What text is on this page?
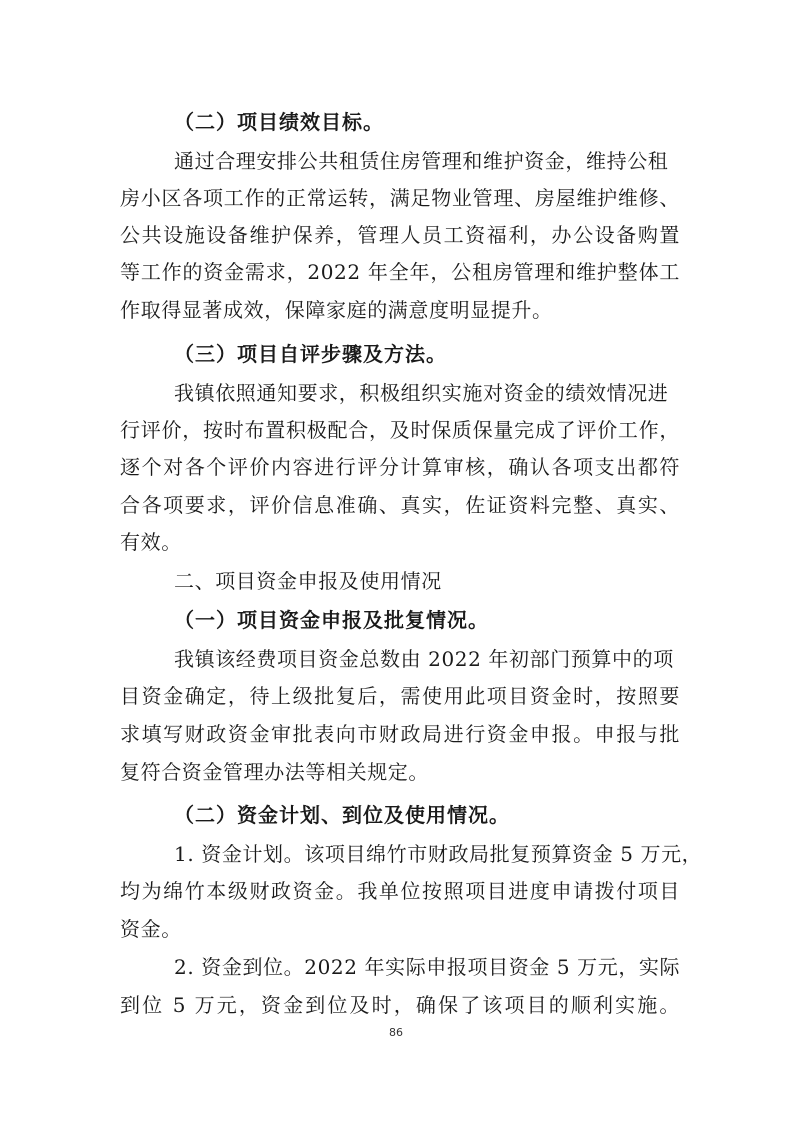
（二）项目绩效目标。
通过合理安排公共租赁住房管理和维护资金，维持公租
房小区各项工作的正常运转，满足物业管理、房屋维护维修、
公共设施设备维护保养，管理人员工资福利，办公设备购置
等工作的资金需求，2022 年全年，公租房管理和维护整体工
作取得显著成效，保障家庭的满意度明显提升。
（三）项目自评步骤及方法。
我镇依照通知要求，积极组织实施对资金的绩效情况进
行评价，按时布置积极配合，及时保质保量完成了评价工作，
逐个对各个评价内容进行评分计算审核，确认各项支出都符
合各项要求，评价信息准确、真实，佐证资料完整、真实、
有效。
二、项目资金申报及使用情况
（一）项目资金申报及批复情况。
我镇该经费项目资金总数由 2022 年初部门预算中的项
目资金确定，待上级批复后，需使用此项目资金时，按照要
求填写财政资金审批表向市财政局进行资金申报。申报与批
复符合资金管理办法等相关规定。
（二）资金计划、到位及使用情况。
1. 资金计划。该项目绵竹市财政局批复预算资金 5 万元，
均为绵竹本级财政资金。我单位按照项目进度申请拨付项目
资金。
2. 资金到位。2022 年实际申报项目资金 5 万元，实际
到位 5 万元，资金到位及时，确保了该项目的顺利实施。
86
